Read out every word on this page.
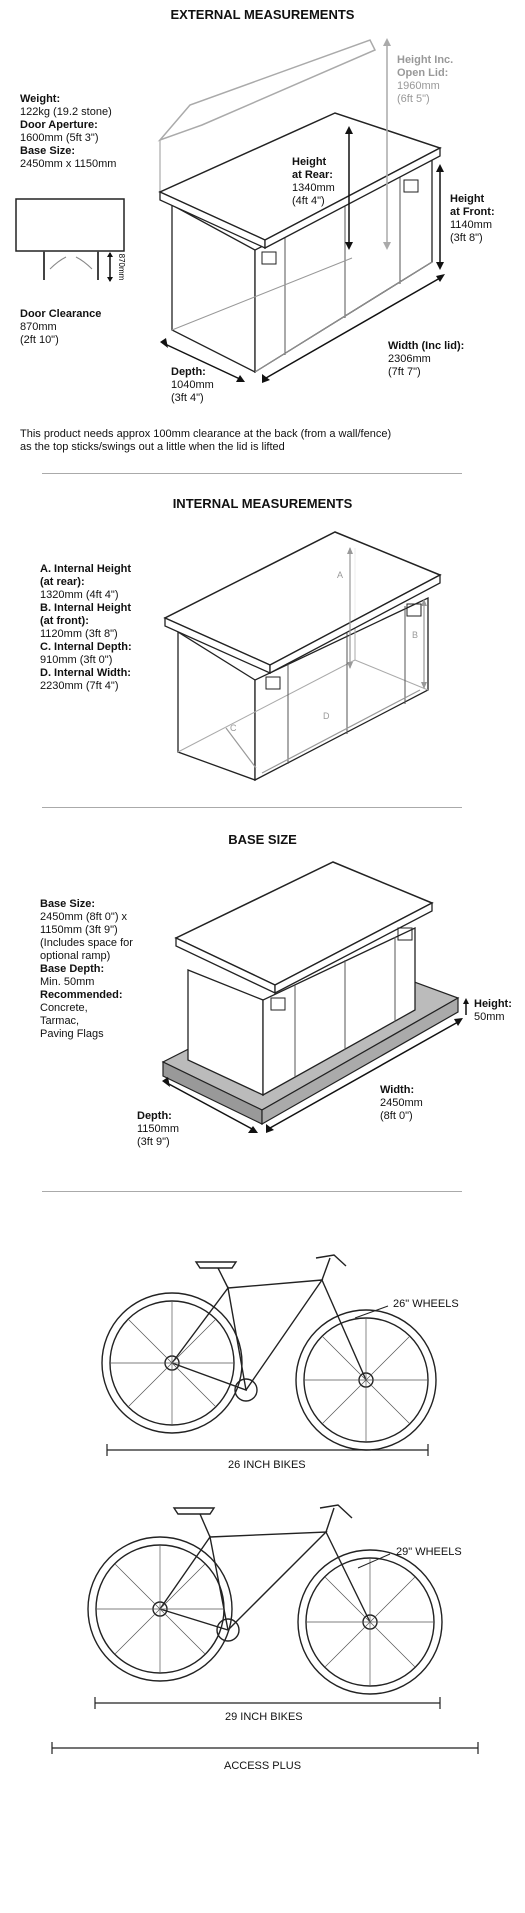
EXTERNAL MEASUREMENTS
Weight:
122kg (19.2 stone)
Door Aperture:
1600mm (5ft 3")
Base Size:
2450mm x 1150mm
870mm
Door Clearance
870mm
(2ft 10")
Height
at Rear:
1340mm
(4ft 4")
Height Inc.
Open Lid:
1960mm
(6ft 5")
Height
at Front:
1140mm
(3ft 8")
Width (Inc lid):
2306mm
(7ft 7")
Depth:
1040mm
(3ft 4")
This product needs approx 100mm clearance at the back (from a wall/fence)
as the top sticks/swings out a little when the lid is lifted
INTERNAL MEASUREMENTS
A. Internal Height
(at rear):
1320mm (4ft 4")
B. Internal Height
(at front):
1120mm (3ft 8")
C. Internal Depth:
910mm (3ft 0")
D. Internal Width:
2230mm (7ft 4")
A
B
C
D
BASE SIZE
Base Size:
2450mm (8ft 0") x
1150mm (3ft 9")
(Includes space for
optional ramp)
Base Depth:
Min. 50mm
Recommended:
Concrete,
Tarmac,
Paving Flags
Height:
50mm
Width:
2450mm
(8ft 0")
Depth:
1150mm
(3ft 9")
26" WHEELS
26 INCH BIKES
29" WHEELS
29 INCH BIKES
ACCESS PLUS
